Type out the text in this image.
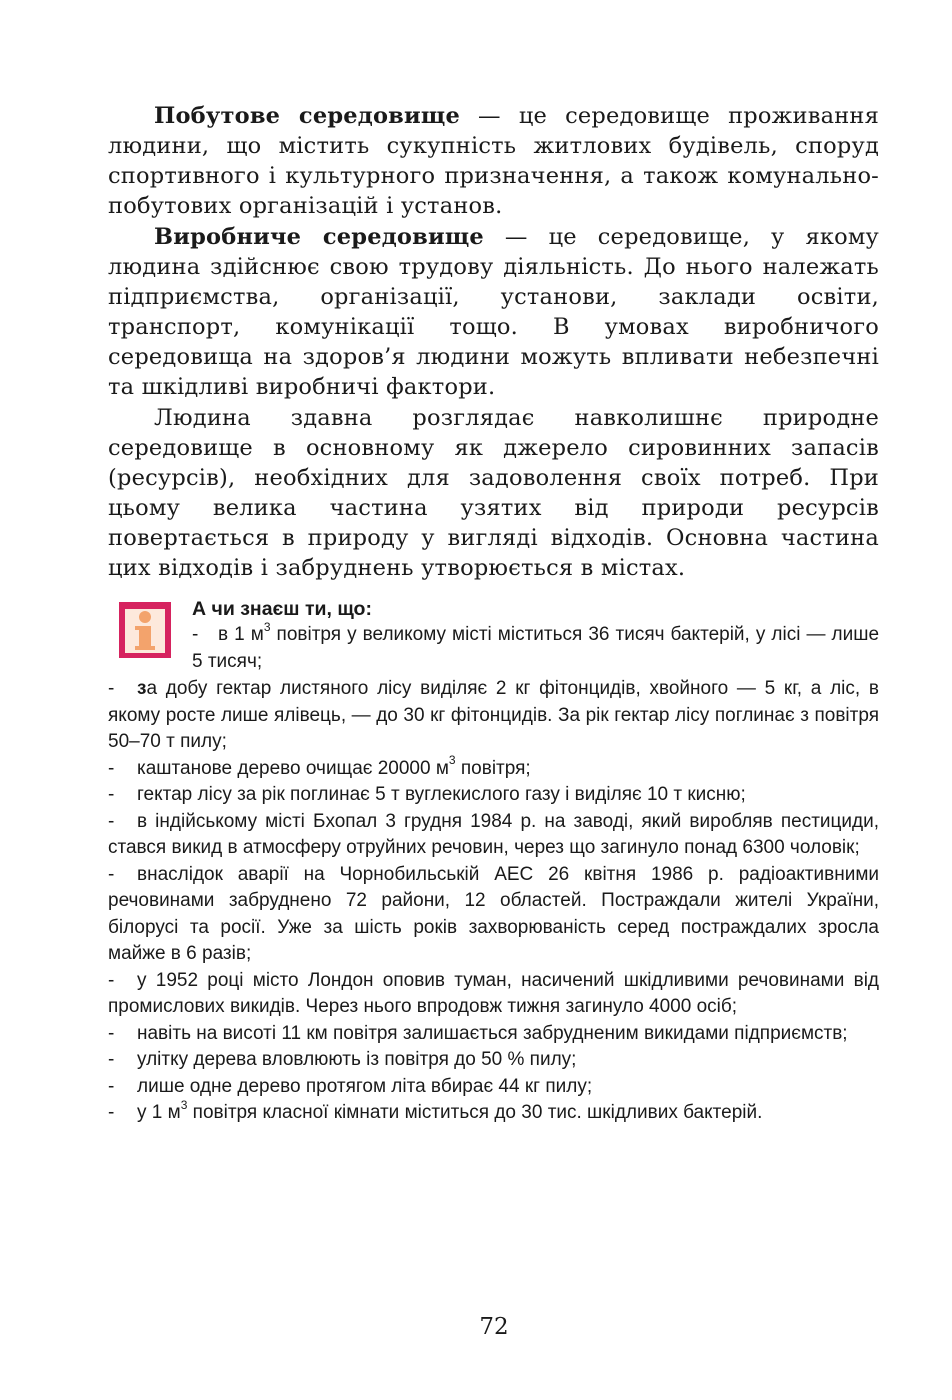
Побутове середовище — це середовище проживання людини, що містить сукупність житлових будівель, споруд спортивного і культурного призначення, а також комунально-побутових організацій і установ.

Виробниче середовище — це середовище, у якому людина здійснює свою трудову діяльність. До нього належать підприємства, організації, установи, заклади освіти, транспорт, комунікації тощо. В умовах виробничого середовища на здоров’я людини можуть впливати небезпечні та шкідливі виробничі фактори.

Людина здавна розглядає навколишнє природне середовище в основному як джерело сировинних запасів (ресурсів), необхідних для задоволення своїх потреб. При цьому велика частина узятих від природи ресурсів повертається в природу у вигляді відходів. Основна частина цих відходів і забруднень утворюється в містах.

А чи знаєш ти, що:
- в 1 $м^3$ повітря у великому місті міститься 36 тисяч бактерій, у лісі — лише 5 тисяч;

- за добу гектар листяного лісу виділяє 2 кг фітонцидів, хвойного — 5 кг, а ліс, в якому росте лише ялівець, — до 30 кг фітонцидів. За рік гектар лісу поглинає з повітря 50–70 т пилу;

- каштанове дерево очищає 20000 $м^3$ повітря;

- гектар лісу за рік поглинає 5 т вуглекислого газу і виділяє 10 т кисню;

- в індійському місті Бхопал 3 грудня 1984 р. на заводі, який виробляв пестициди, стався викид в атмосферу отруйних речовин, через що загинуло понад 6300 чоловік;

- внаслідок аварії на Чорнобильській АЕС 26 квітня 1986 р. радіоактивними речовинами забруднено 72 райони, 12 областей. Постраждали жителі України, білорусі та росії. Уже за шість років захворюваність серед постраждалих зросла майже в 6 разів;

- у 1952 році місто Лондон оповив туман, насичений шкідливими речовинами від промислових викидів. Через нього впродовж тижня загинуло 4000 осіб;

- навіть на висоті 11 км повітря залишається забрудненим викидами підприємств;

- улітку дерева вловлюють із повітря до 50 % пилу;

- лише одне дерево протягом літа вбирає 44 кг пилу;

- у 1 $м^3$ повітря класної кімнати міститься до 30 тис. шкідливих бактерій.

72
